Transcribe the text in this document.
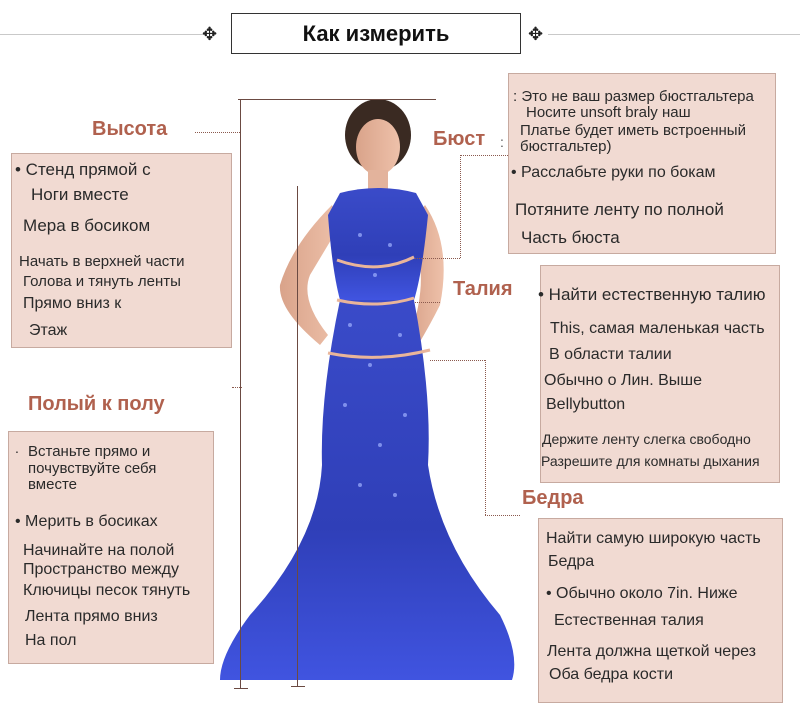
✥	✥
Как измерить
Высота
• Стенд прямой с
Ноги вместе
Мера в босиком
Начать в верхней части
Голова и тянуть ленты
Прямо вниз к
Этаж
Полый к полу
. Встаньте прямо и
почувствуйте себя
вместе
• Мерить в босиках
Начинайте на полой
Пространство между
Ключицы песок тянуть
Лента прямо вниз
На пол
Бюст :
: Это не ваш размер бюстгальтера
Носите unsoft braly наш
Платье будет иметь встроенный
бюстгальтер)
• Расслабьте руки по бокам
Потяните ленту по полной
Часть бюста
Талия • Найти естественную талию
This, самая маленькая часть
В области талии
Обычно о Лин. Выше
Bellybutton
Держите ленту слегка свободно
Разрешите для комнаты дыхания
Бедра
Найти самую широкую часть
Бедра
• Обычно около 7in. Ниже
Естественная талия
Лента должна щеткой через
Оба бедра кости
